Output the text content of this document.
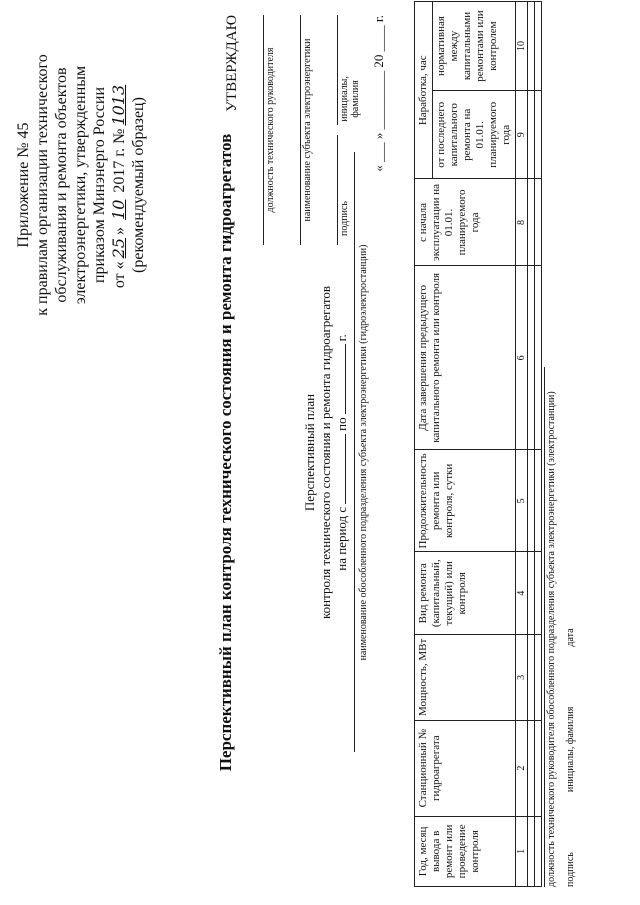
Приложение № 45 к правилам организации технического обслуживания и ремонта объектов электроэнергетики, утвержденным приказом Минэнерго России от «25» 10 2017 г. №1013 (рекомендуемый образец)
УТВЕРЖДАЮ	должность технического руководителя	наименование субъекта электроэнергетики	подпись
инициалы, фамилия « ___ » _________ 20 ____ г.
Перспективный план контроля технического состояния и ремонта гидроагрегатов	Перспективный план контроля технического состояния и ремонта гидроагрегатов на период спог. наименование обособленного подразделения субъекта электроэнергетики (гидроэлектростанции)
Год, месяц вывода в ремонт или проведение контроля	Станционный № гидроагрегата	Мощность, МВт	Вид ремонта (капитальный, текущий) или контроля	Продолжительность ремонта или контроля, сутки	Дата завершения предыдущего капитального ремонта или контроля	с начала эксплуатации на 01.01. планируемого года	Наработка, час	
							от последнего капитального ремонта на 01.01. планируемого года	нормативная между капитальными ремонтами или контролем
1	2	3	4	5	6	8	9	10

должность технического руководителя обособленного подразделения субъекта электроэнергетики (электростанции) подпись
инициалы, фамилия
дата
